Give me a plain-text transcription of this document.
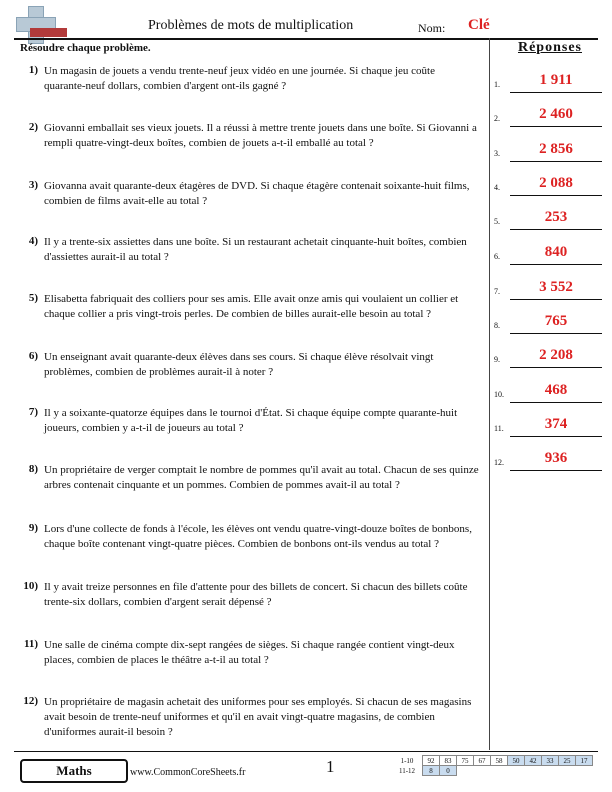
Problèmes de mots de multiplication	Nom: Clé
Résoudre chaque problème.	Réponses
1) Un magasin de jouets a vendu trente-neuf jeux vidéo en une journée. Si chaque jeu coûte quarante-neuf dollars, combien d'argent ont-ils gagné ?
2) Giovanni emballait ses vieux jouets. Il a réussi à mettre trente jouets dans une boîte. Si Giovanni a rempli quatre-vingt-deux boîtes, combien de jouets a-t-il emballé au total ?
3) Giovanna avait quarante-deux étagères de DVD. Si chaque étagère contenait soixante-huit films, combien de films avait-elle au total ?
4) Il y a trente-six assiettes dans une boîte. Si un restaurant achetait cinquante-huit boîtes, combien d'assiettes aurait-il au total ?
5) Elisabetta fabriquait des colliers pour ses amis. Elle avait onze amis qui voulaient un collier et chaque collier a pris vingt-trois perles. De combien de billes aurait-elle besoin au total ?
6) Un enseignant avait quarante-deux élèves dans ses cours. Si chaque élève résolvait vingt problèmes, combien de problèmes aurait-il à noter ?
7) Il y a soixante-quatorze équipes dans le tournoi d'État. Si chaque équipe compte quarante-huit joueurs, combien y a-t-il de joueurs au total ?
8) Un propriétaire de verger comptait le nombre de pommes qu'il avait au total. Chacun de ses quinze arbres contenait cinquante et un pommes. Combien de pommes avait-il au total ?
9) Lors d'une collecte de fonds à l'école, les élèves ont vendu quatre-vingt-douze boîtes de bonbons, chaque boîte contenant vingt-quatre pièces. Combien de bonbons ont-ils vendus au total ?
10) Il y avait treize personnes en file d'attente pour des billets de concert. Si chacun des billets coûte trente-six dollars, combien d'argent serait dépensé ?
11) Une salle de cinéma compte dix-sept rangées de sièges. Si chaque rangée contient vingt-deux places, combien de places le théâtre a-t-il au total ?
12) Un propriétaire de magasin achetait des uniformes pour ses employés. Si chacun de ses magasins avait besoin de trente-neuf uniformes et qu'il en avait vingt-quatre magasins, de combien d'uniformes aurait-il besoin ?
1.	1 911
2.	2 460
3.	2 856
4.	2 088
5.	253
6.	840
7.	3 552
8.	765
9.	2 208
10.	468
11.	374
12.	936
Maths	www.CommonCoreSheets.fr	1	1-10	92	83	75	67	58	50	42	33	25	17
11-12	8	0								
